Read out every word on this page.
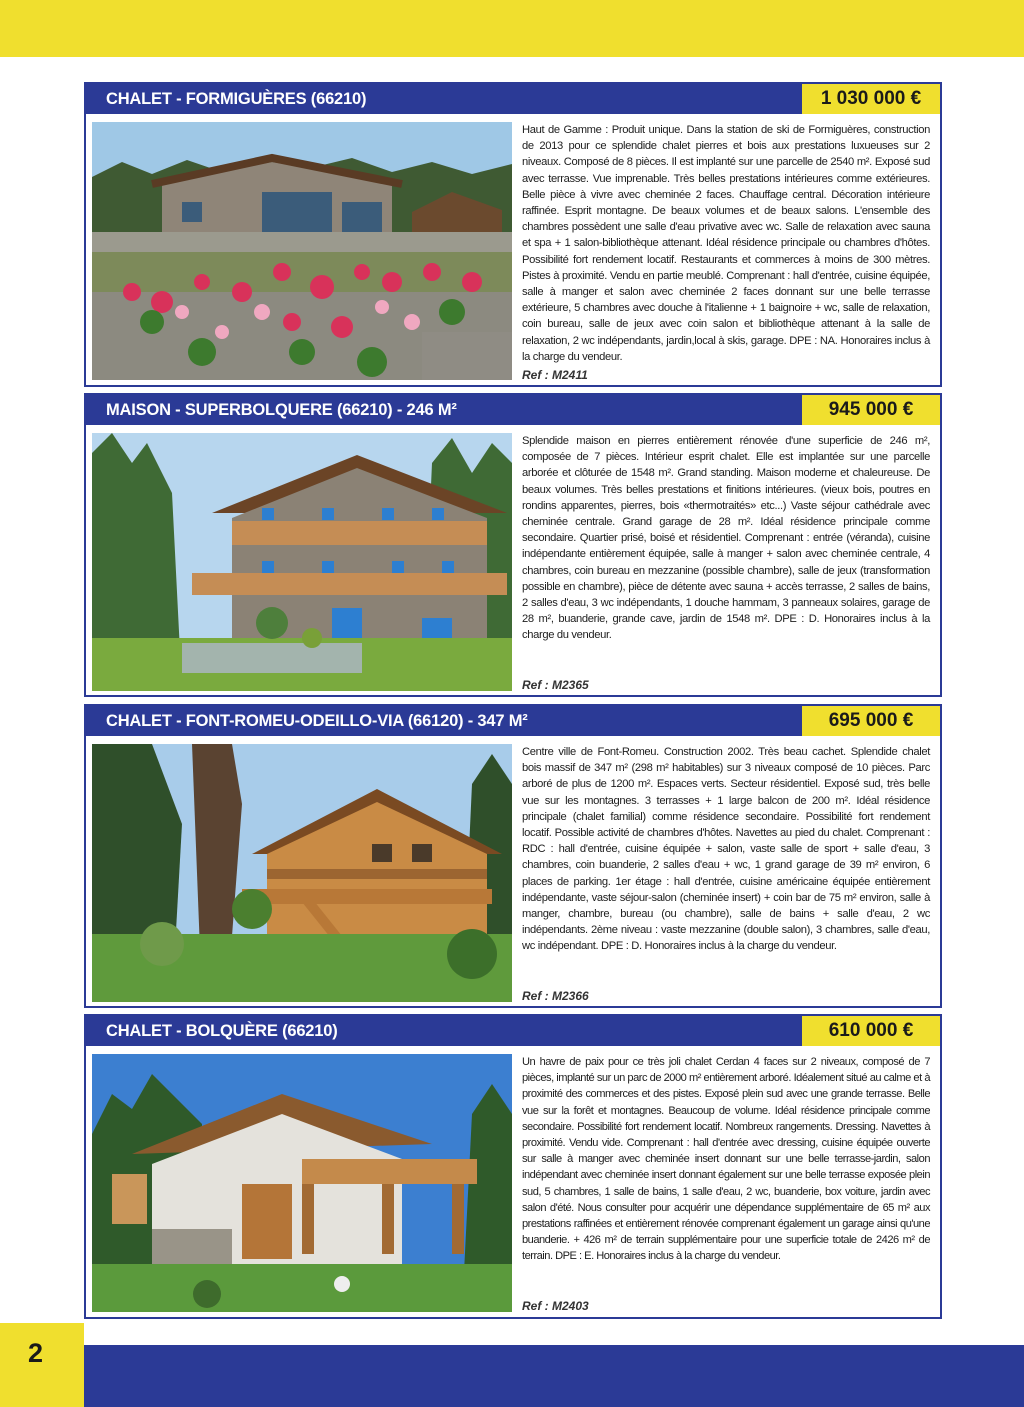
CHALET - FORMIGUÈRES (66210)	1 030 000 €
Haut de Gamme : Produit unique. Dans la station de ski de Formiguères, construction de 2013 pour ce splendide chalet pierres et bois aux prestations luxueuses sur 2 niveaux. Composé de 8 pièces. Il est implanté sur une parcelle de 2540 m². Exposé sud avec terrasse. Vue imprenable. Très belles prestations intérieures comme extérieures. Belle pièce à vivre avec cheminée 2 faces. Chauffage central. Décoration intérieure raffinée. Esprit montagne. De beaux volumes et de beaux salons. L'ensemble des chambres possèdent une salle d'eau privative avec wc. Salle de relaxation avec sauna et spa + 1 salon-bibliothèque attenant. Idéal résidence principale ou chambres d'hôtes. Possibilité fort rendement locatif. Restaurants et commerces à moins de 300 mètres. Pistes à proximité. Vendu en partie meublé. Comprenant : hall d'entrée, cuisine équipée, salle à manger et salon avec cheminée 2 faces donnant sur une belle terrasse extérieure, 5 chambres avec douche à l'italienne + 1 baignoire + wc, salle de relaxation, coin bureau, salle de jeux avec coin salon et bibliothèque attenant à la salle de relaxation, 2 wc indépendants, jardin,local à skis, garage. DPE : NA. Honoraires inclus à la charge du vendeur.
Ref : M2411
MAISON - SUPERBOLQUERE (66210) - 246 M²	945 000 €
Splendide maison en pierres entièrement rénovée d'une superficie de 246 m², composée de 7 pièces. Intérieur esprit chalet. Elle est implantée sur une parcelle arborée et clôturée de 1548 m². Grand standing. Maison moderne et chaleureuse. De beaux volumes. Très belles prestations et finitions intérieures. (vieux bois, poutres en rondins apparentes, pierres, bois «thermotraités» etc...) Vaste séjour cathédrale avec cheminée centrale. Grand garage de 28 m². Idéal résidence principale comme secondaire. Quartier prisé, boisé et résidentiel. Comprenant : entrée (véranda), cuisine indépendante entièrement équipée, salle à manger + salon avec cheminée centrale, 4 chambres, coin bureau en mezzanine (possible chambre), salle de jeux (transformation possible en chambre), pièce de détente avec sauna + accès terrasse, 2 salles de bains, 2 salles d'eau, 3 wc indépendants, 1 douche hammam, 3 panneaux solaires, garage de 28 m², buanderie, grande cave, jardin de 1548 m². DPE : D. Honoraires inclus à la charge du vendeur.
Ref : M2365
CHALET - FONT-ROMEU-ODEILLO-VIA (66120) - 347 M²	695 000 €
Centre ville de Font-Romeu. Construction 2002. Très beau cachet. Splendide chalet bois massif de 347 m² (298 m² habitables) sur 3 niveaux composé de 10 pièces. Parc arboré de plus de 1200 m². Espaces verts. Secteur résidentiel. Exposé sud, très belle vue sur les montagnes. 3 terrasses + 1 large balcon de 200 m². Idéal résidence principale (chalet familial) comme résidence secondaire. Possibilité fort rendement locatif. Possible activité de chambres d'hôtes. Navettes au pied du chalet. Comprenant : RDC : hall d'entrée, cuisine équipée + salon, vaste salle de sport + salle d'eau, 3 chambres, coin buanderie, 2 salles d'eau + wc, 1 grand garage de 39 m² environ, 6 places de parking. 1er étage : hall d'entrée, cuisine américaine équipée entièrement indépendante, vaste séjour-salon (cheminée insert) + coin bar de 75 m² environ, salle à manger, chambre, bureau (ou chambre), salle de bains + salle d'eau, 2 wc indépendants. 2ème niveau : vaste mezzanine (double salon), 3 chambres, salle d'eau, wc indépendant. DPE : D. Honoraires inclus à la charge du vendeur.
Ref : M2366
CHALET - BOLQUÈRE (66210)	610 000 €
Un havre de paix pour ce très joli chalet Cerdan 4 faces sur 2 niveaux, composé de 7 pièces, implanté sur un parc de 2000 m² entièrement arboré. Idéalement situé au calme et à proximité des commerces et des pistes. Exposé plein sud avec une grande terrasse. Belle vue sur la forêt et montagnes. Beaucoup de volume. Idéal résidence principale comme secondaire. Possibilité fort rendement locatif. Nombreux rangements. Dressing. Navettes à proximité. Vendu vide. Comprenant : hall d'entrée avec dressing, cuisine équipée ouverte sur salle à manger avec cheminée insert donnant sur une belle terrasse-jardin, salon indépendant avec cheminée insert donnant également sur une belle terrasse exposée plein sud, 5 chambres, 1 salle de bains, 1 salle d'eau, 2 wc, buanderie, box voiture, jardin avec salon d'été. Nous consulter pour acquérir une dépendance supplémentaire de 65 m² aux prestations raffinées et entièrement rénovée comprenant également un garage ainsi qu'une buanderie. + 426 m² de terrain supplémentaire pour une superficie totale de 2426 m² de terrain. DPE : E. Honoraires inclus à la charge du vendeur.
Ref : M2403
2
